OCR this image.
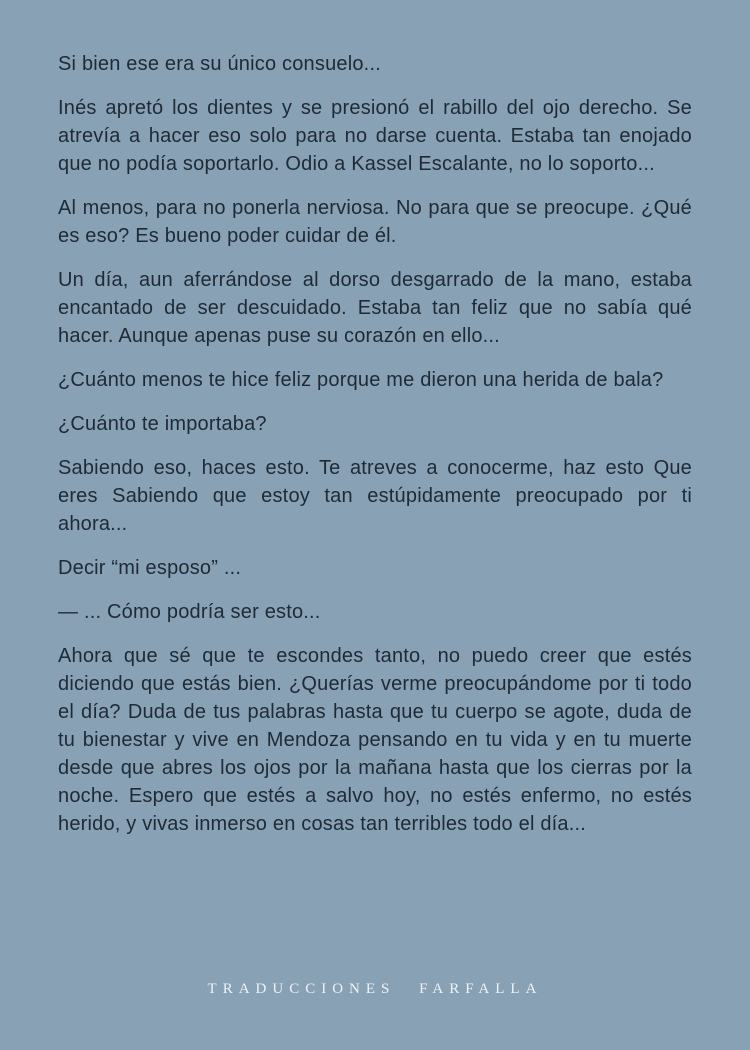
Si bien ese era su único consuelo...

Inés apretó los dientes y se presionó el rabillo del ojo derecho. Se atrevía a hacer eso solo para no darse cuenta. Estaba tan enojado que no podía soportarlo. Odio a Kassel Escalante, no lo soporto...

Al menos, para no ponerla nerviosa. No para que se preocupe. ¿Qué es eso? Es bueno poder cuidar de él.

Un día, aun aferrándose al dorso desgarrado de la mano, estaba encantado de ser descuidado. Estaba tan feliz que no sabía qué hacer. Aunque apenas puse su corazón en ello...

¿Cuánto menos te hice feliz porque me dieron una herida de bala?

¿Cuánto te importaba?

Sabiendo eso, haces esto. Te atreves a conocerme, haz esto Que eres Sabiendo que estoy tan estúpidamente preocupado por ti ahora...

Decir “mi esposo” ...

— ... Cómo podría ser esto...

Ahora que sé que te escondes tanto, no puedo creer que estés diciendo que estás bien. ¿Querías verme preocupándome por ti todo el día? Duda de tus palabras hasta que tu cuerpo se agote, duda de tu bienestar y vive en Mendoza pensando en tu vida y en tu muerte desde que abres los ojos por la mañana hasta que los cierras por la noche. Espero que estés a salvo hoy, no estés enfermo, no estés herido, y vivas inmerso en cosas tan terribles todo el día...

TRADUCCIONES FARFALLA
